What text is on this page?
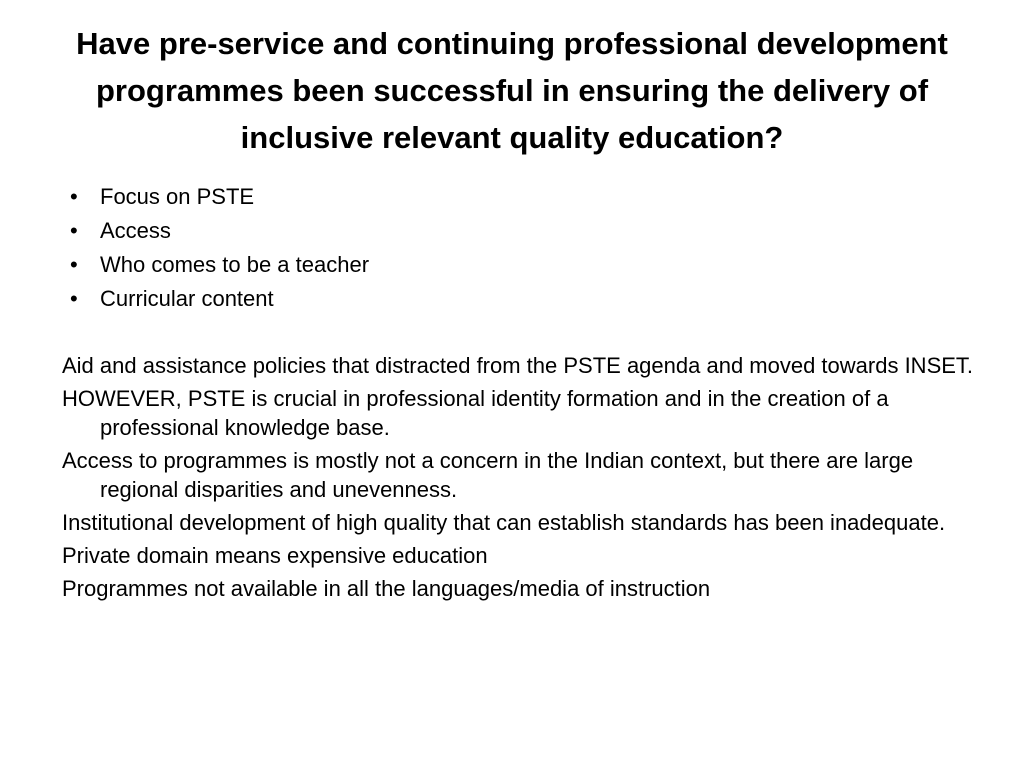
Have pre-service and continuing professional development programmes been successful in ensuring the delivery of inclusive relevant quality education?
• Focus on PSTE
• Access
• Who comes to be a teacher
• Curricular content

Aid and assistance policies that distracted from the PSTE agenda and moved towards INSET.

HOWEVER, PSTE is crucial in professional identity formation and in the creation of a professional knowledge base.

Access to programmes is mostly not a concern in the Indian context, but there are large regional disparities and unevenness.

Institutional development of high quality that can establish standards has been inadequate.

Private domain means expensive education

Programmes not available in all the languages/media of instruction
